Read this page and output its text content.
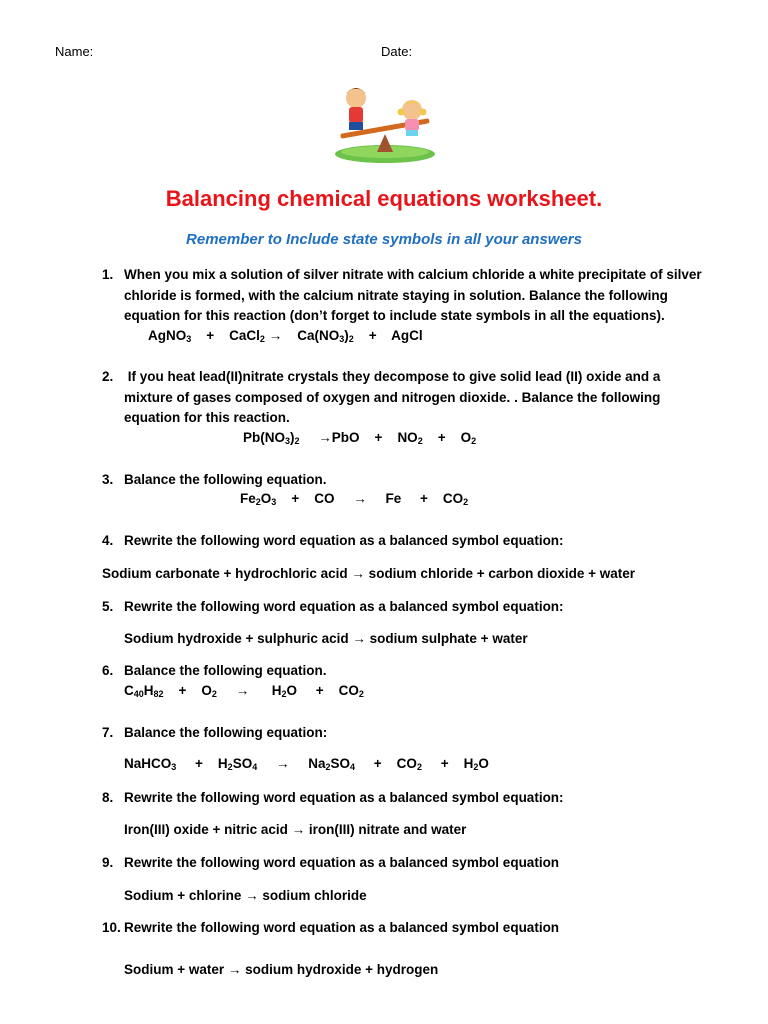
Name:	Date:
Balancing chemical equations worksheet.
Remember to Include state symbols in all your answers
1. When you mix a solution of silver nitrate with calcium chloride a white precipitate of silver
chloride is formed, with the calcium nitrate staying in solution. Balance the following
equation for this reaction (don’t forget to include state symbols in all the equations).
AgNO$_3$    +    CaCl$_2$ →    $Ca(NO_3)_2$    +    AgCl
2. If you heat lead(II)nitrate crystals they decompose to give solid lead (II) oxide and a
mixture of gases composed of oxygen and nitrogen dioxide. . Balance the following
equation for this reaction.
$Pb(NO_3)_2 \to PbO$    +    $NO_2$    +    $O_2$
3. Balance the following equation.
$Fe_2O_3$    +    CO     →     Fe     +    $CO_2$
4. Rewrite the following word equation as a balanced symbol equation:
Sodium carbonate + hydrochloric acid → sodium chloride + carbon dioxide + water
5. Rewrite the following word equation as a balanced symbol equation:
Sodium hydroxide + sulphuric acid → sodium sulphate + water
6. Balance the following equation.
$C_{40}H_{82}$    +    $O_2$ →      $H_2O$     +    $CO_2$
7. Balance the following equation:
NaHCO$_3$     +    $H_2SO_4$ →     $Na_2SO_4$     +    $CO_2$     +    $H_2O$
8. Rewrite the following word equation as a balanced symbol equation:
Iron(III) oxide + nitric acid → iron(III) nitrate and water
9. Rewrite the following word equation as a balanced symbol equation
Sodium + chlorine → sodium chloride
10. Rewrite the following word equation as a balanced symbol equation
Sodium + water → sodium hydroxide + hydrogen
